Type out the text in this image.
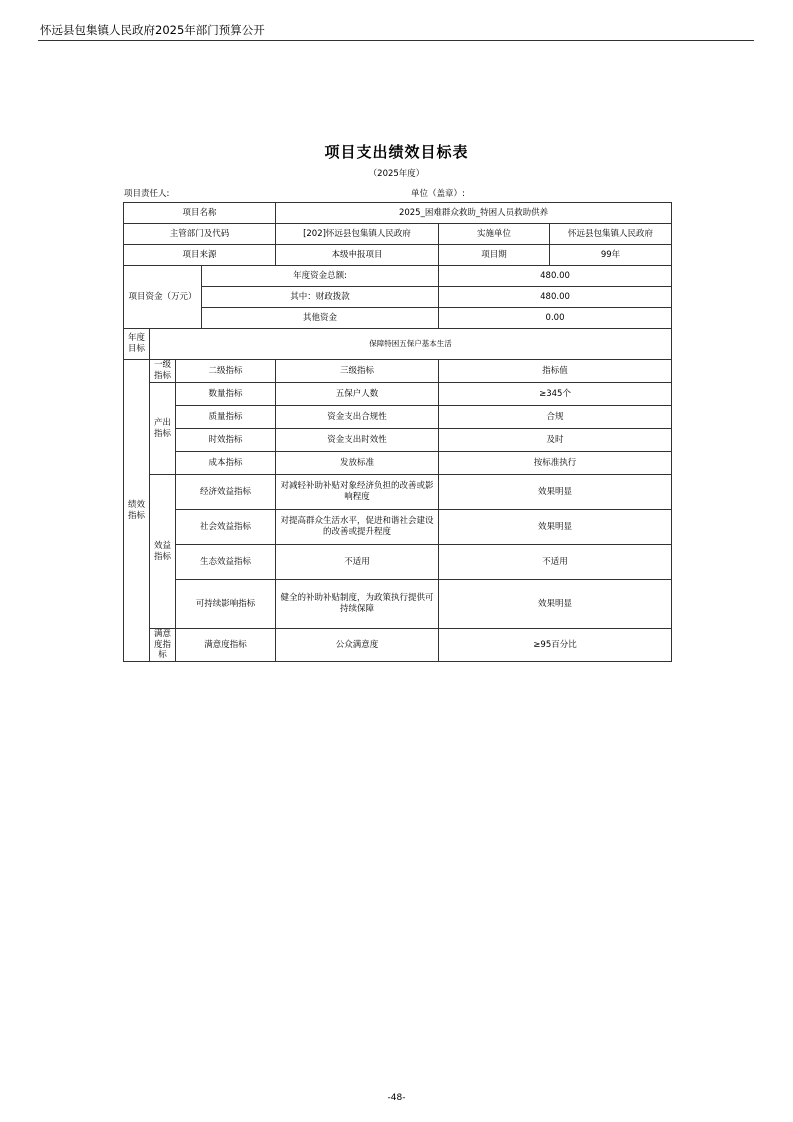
怀远县包集镇人民政府2025年部门预算公开
项目支出绩效目标表
（2025年度）
项目责任人:	单位（盖章）:
项目名称				2025_困难群众救助_特困人员救助供养		
主管部门及代码				[202]怀远县包集镇人民政府	实施单位	怀远县包集镇人民政府
项目来源				本级申报项目	项目期	99年
项目资金（万元）			年度资金总额:		480.00	
			其中：财政拨款		480.00	
			其他资金		0.00	
年度目标	保障特困五保户基本生活					
绩效指标	一级指标	二级指标		三级指标	指标值	
	产出指标	数量指标		五保户人数	≥345个	
		质量指标		资金支出合规性	合规	
		时效指标		资金支出时效性	及时	
		成本指标		发放标准	按标准执行	
	效益指标	经济效益指标		对减轻补助补贴对象经济负担的改善或影响程度	效果明显	
		社会效益指标		对提高群众生活水平，促进和谐社会建设的改善或提升程度	效果明显	
		生态效益指标		不适用	不适用	
		可持续影响指标		健全的补助补贴制度，为政策执行提供可持续保障	效果明显	
	满意度指标	满意度指标		公众满意度	≥95百分比	
-48-
